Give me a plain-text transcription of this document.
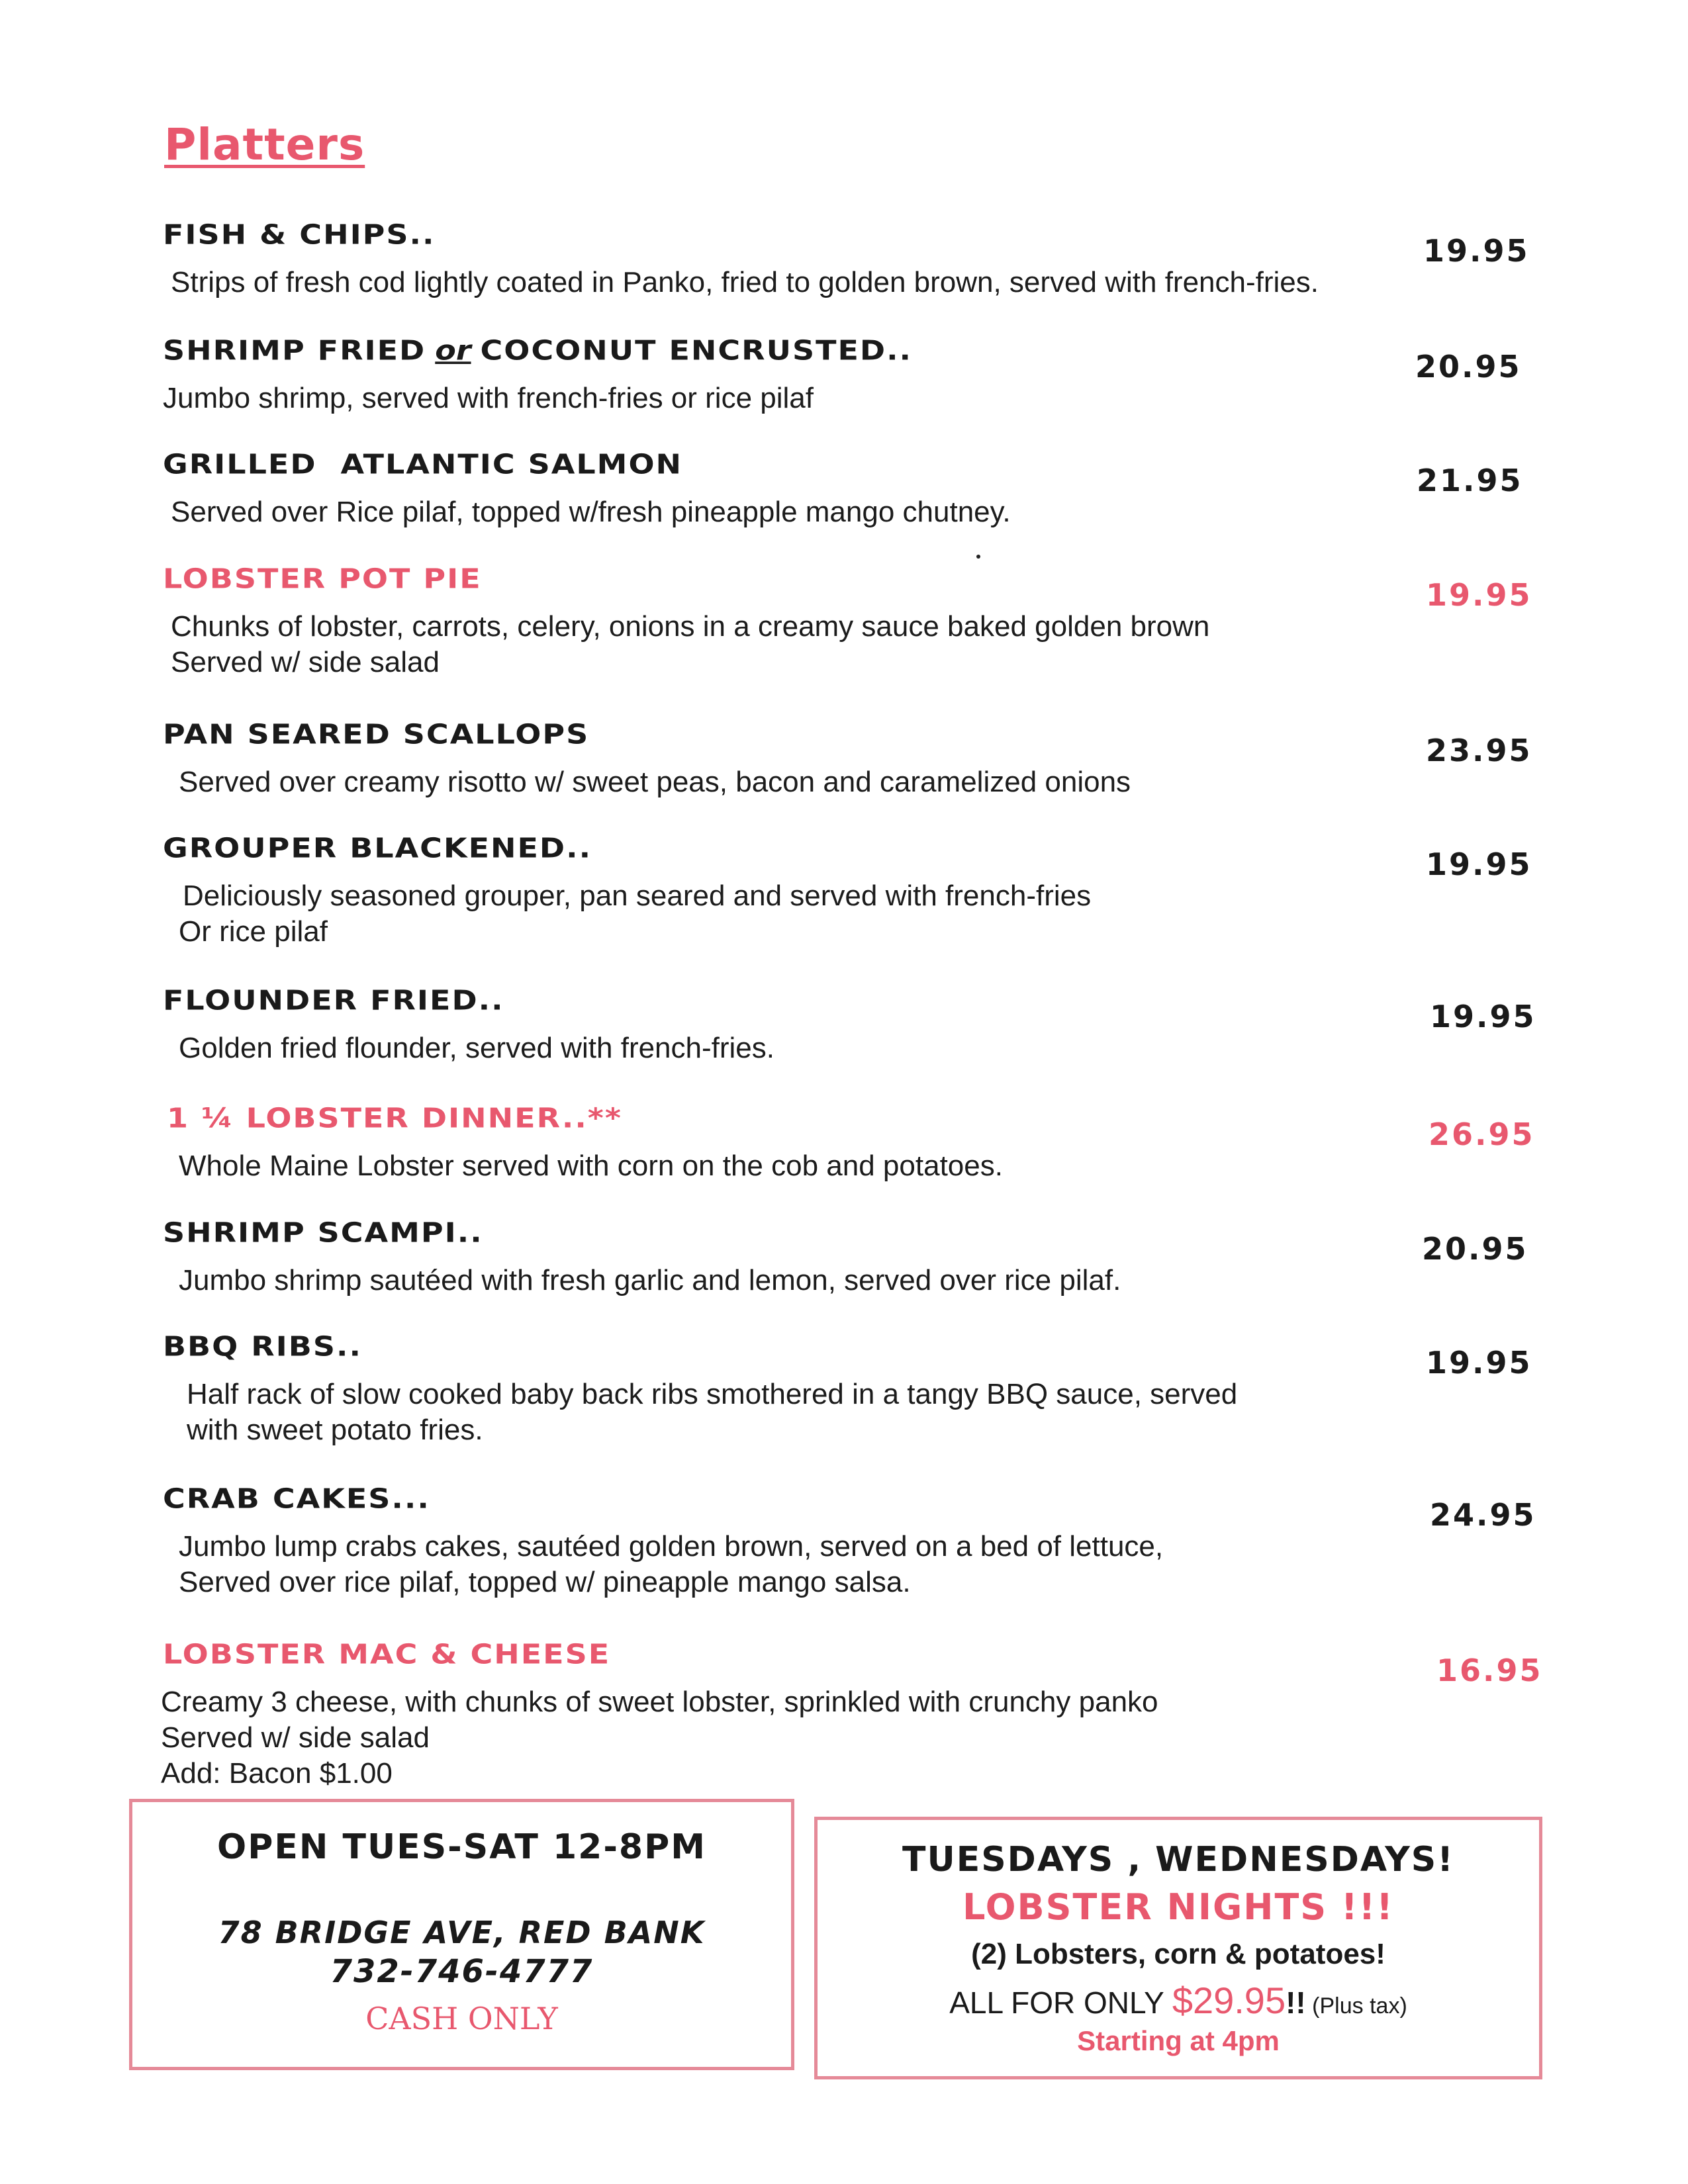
Platters
FISH & CHIPS..	19.95
Strips of fresh cod lightly coated in Panko, fried to golden brown, served with french-fries.
SHRIMP FRIED or COCONUT ENCRUSTED..	20.95
Jumbo shrimp, served with french-fries or rice pilaf
GRILLED  ATLANTIC SALMON	21.95
Served over Rice pilaf, topped w/fresh pineapple mango chutney.
LOBSTER POT PIE	19.95
Chunks of lobster, carrots, celery, onions in a creamy sauce baked golden brown
Served w/ side salad
PAN SEARED SCALLOPS	23.95
Served over creamy risotto w/ sweet peas, bacon and caramelized onions
GROUPER BLACKENED..	19.95
Deliciously seasoned grouper, pan seared and served with french-fries
Or rice pilaf
FLOUNDER FRIED..	19.95
Golden fried flounder, served with french-fries.
1 ¼ LOBSTER DINNER..**	26.95
Whole Maine Lobster served with corn on the cob and potatoes.
SHRIMP SCAMPI..	20.95
Jumbo shrimp sautéed with fresh garlic and lemon, served over rice pilaf.
BBQ RIBS..	19.95
Half rack of slow cooked baby back ribs smothered in a tangy BBQ sauce, served
with sweet potato fries.
CRAB CAKES...	24.95
Jumbo lump crabs cakes, sautéed golden brown, served on a bed of lettuce,
Served over rice pilaf, topped w/ pineapple mango salsa.
LOBSTER MAC & CHEESE	16.95
Creamy 3 cheese, with chunks of sweet lobster, sprinkled with crunchy panko
Served w/ side salad
Add: Bacon $1.00
OPEN TUES-SAT 12-8PM
78 BRIDGE AVE, RED BANK
732-746-4777
CASH ONLY
TUESDAYS , WEDNESDAYS!
LOBSTER NIGHTS !!!
(2) Lobsters, corn & potatoes!
ALL FOR ONLY $29.95!! (Plus tax)
Starting at 4pm
